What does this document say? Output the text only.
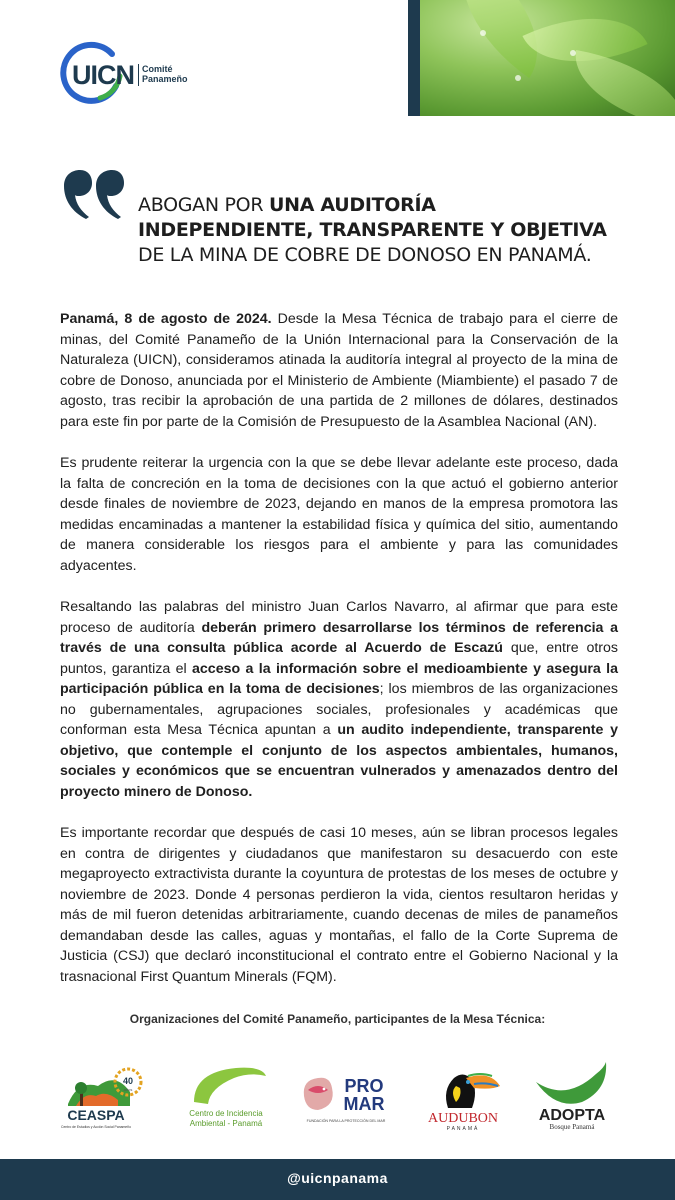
UICN Comité
Panameño
ABOGAN POR UNA AUDITORÍA INDEPENDIENTE, TRANSPARENTE Y OBJETIVA DE LA MINA DE COBRE DE DONOSO EN PANAMÁ.

Panamá, 8 de agosto de 2024. Desde la Mesa Técnica de trabajo para el cierre de minas, del Comité Panameño de la Unión Internacional para la Conservación de la Naturaleza (UICN), consideramos atinada la auditoría integral al proyecto de la mina de cobre de Donoso, anunciada por el Ministerio de Ambiente (Miambiente) el pasado 7 de agosto, tras recibir la aprobación de una partida de 2 millones de dólares, destinados para este fin por parte de la Comisión de Presupuesto de la Asamblea Nacional (AN).

Es prudente reiterar la urgencia con la que se debe llevar adelante este proceso, dada la falta de concreción en la toma de decisiones con la que actuó el gobierno anterior desde finales de noviembre de 2023, dejando en manos de la empresa promotora las medidas encaminadas a mantener la estabilidad física y química del sitio, aumentando de manera considerable los riesgos para el ambiente y para las comunidades adyacentes.

Resaltando las palabras del ministro Juan Carlos Navarro, al afirmar que para este proceso de auditoría deberán primero desarrollarse los términos de referencia a través de una consulta pública acorde al Acuerdo de Escazú que, entre otros puntos, garantiza el acceso a la información sobre el medioambiente y asegura la participación pública en la toma de decisiones; los miembros de las organizaciones no gubernamentales, agrupaciones sociales, profesionales y académicas que conforman esta Mesa Técnica apuntan a un audito independiente, transparente y objetivo, que contemple el conjunto de los aspectos ambientales, humanos, sociales y económicos que se encuentran vulnerados y amenazados dentro del proyecto minero de Donoso.

Es importante recordar que después de casi 10 meses, aún se libran procesos legales en contra de dirigentes y ciudadanos que manifestaron su desacuerdo con este megaproyecto extractivista durante la coyuntura de protestas de los meses de octubre y noviembre de 2023. Donde 4 personas perdieron la vida, cientos resultaron heridas y más de mil fueron detenidas arbitrariamente, cuando decenas de miles de panameños demandaban desde las calles, aguas y montañas, el fallo de la Corte Suprema de Justicia (CSJ) que declaró inconstitucional el contrato entre el Gobierno Nacional y la trasnacional First Quantum Minerals (FQM).

Organizaciones del Comité Panameño, participantes de la Mesa Técnica:
40
años
CEASPA
Centro de Estudios y Acción Social Panameño
ciam
Centro de Incidencia
Ambiental - Panamá
PRO
MAR
FUNDACIÓN PARA LA PROTECCIÓN DEL MAR	AUDUBON
PANAMÁ
ADOPTA
Bosque Panamá
@uicnpanama
